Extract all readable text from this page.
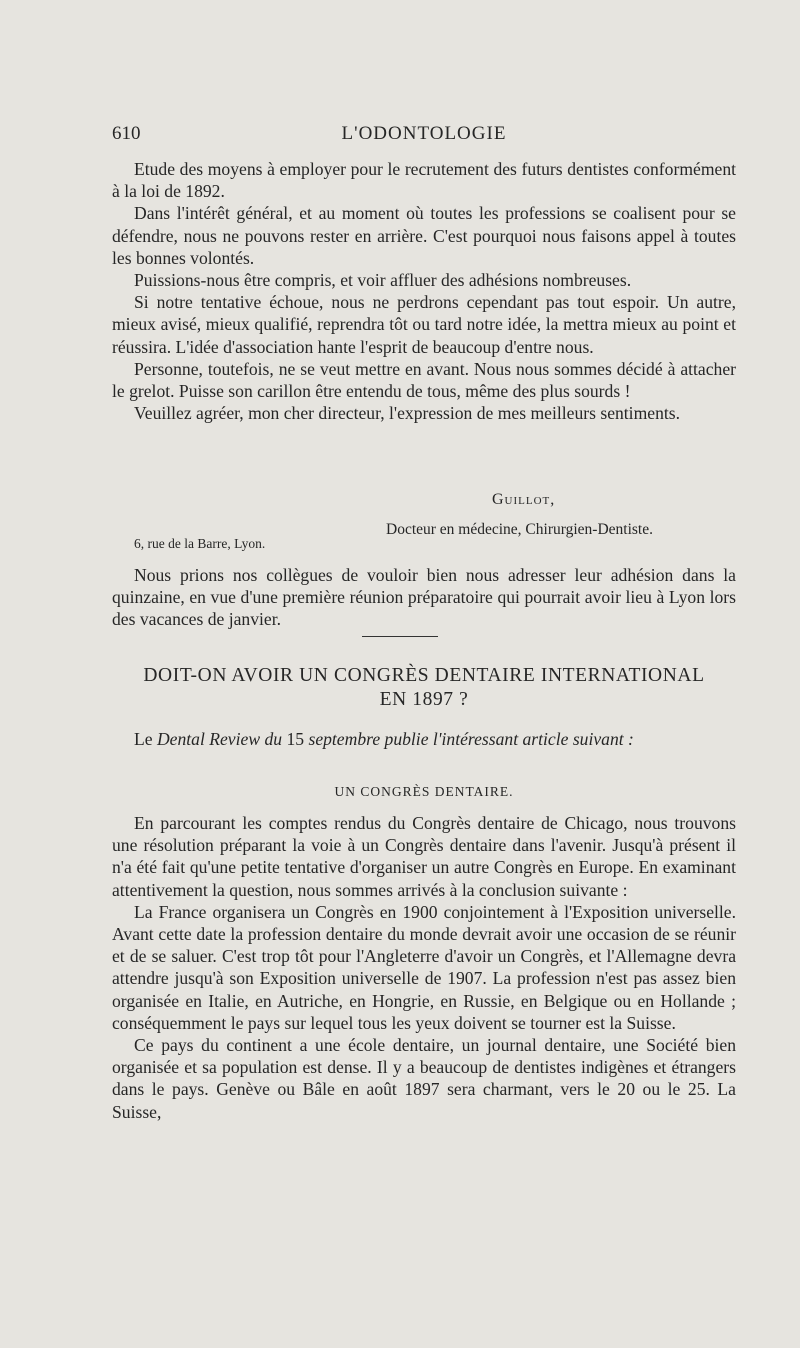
610	L'ODONTOLOGIE

Etude des moyens à employer pour le recrutement des futurs dentistes conformément à la loi de 1892.

Dans l'intérêt général, et au moment où toutes les professions se coalisent pour se défendre, nous ne pouvons rester en arrière. C'est pourquoi nous faisons appel à toutes les bonnes volontés.

Puissions-nous être compris, et voir affluer des adhésions nombreuses.

Si notre tentative échoue, nous ne perdrons cependant pas tout espoir. Un autre, mieux avisé, mieux qualifié, reprendra tôt ou tard notre idée, la mettra mieux au point et réussira. L'idée d'association hante l'esprit de beaucoup d'entre nous.

Personne, toutefois, ne se veut mettre en avant. Nous nous sommes décidé à attacher le grelot. Puisse son carillon être entendu de tous, même des plus sourds !

Veuillez agréer, mon cher directeur, l'expression de mes meilleurs sentiments.

Guillot,
Docteur en médecine, Chirurgien-Dentiste.
6, rue de la Barre, Lyon.

Nous prions nos collègues de vouloir bien nous adresser leur adhésion dans la quinzaine, en vue d'une première réunion préparatoire qui pourrait avoir lieu à Lyon lors des vacances de janvier.

DOIT-ON AVOIR UN CONGRÈS DENTAIRE INTERNATIONAL
EN 1897 ?

Le Dental Review du 15 septembre publie l'intéressant article suivant :

UN CONGRÈS DENTAIRE.

En parcourant les comptes rendus du Congrès dentaire de Chicago, nous trouvons une résolution préparant la voie à un Congrès dentaire dans l'avenir. Jusqu'à présent il n'a été fait qu'une petite tentative d'organiser un autre Congrès en Europe. En examinant attentivement la question, nous sommes arrivés à la conclusion suivante :

La France organisera un Congrès en 1900 conjointement à l'Exposition universelle. Avant cette date la profession dentaire du monde devrait avoir une occasion de se réunir et de se saluer. C'est trop tôt pour l'Angleterre d'avoir un Congrès, et l'Allemagne devra attendre jusqu'à son Exposition universelle de 1907. La profession n'est pas assez bien organisée en Italie, en Autriche, en Hongrie, en Russie, en Belgique ou en Hollande ; conséquemment le pays sur lequel tous les yeux doivent se tourner est la Suisse.

Ce pays du continent a une école dentaire, un journal dentaire, une Société bien organisée et sa population est dense. Il y a beaucoup de dentistes indigènes et étrangers dans le pays. Genève ou Bâle en août 1897 sera charmant, vers le 20 ou le 25. La Suisse,
